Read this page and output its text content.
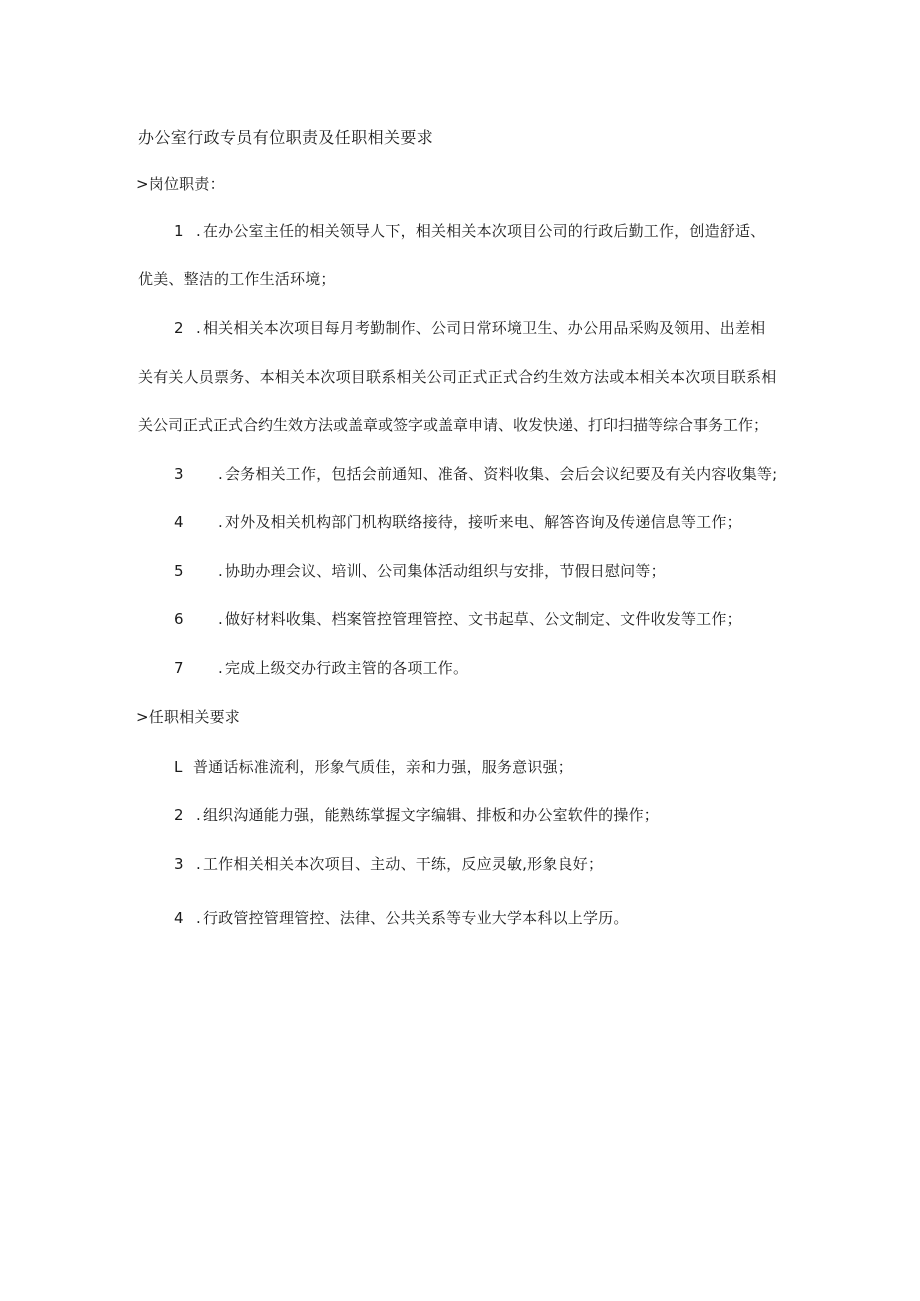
办公室行政专员有位职责及任职相关要求
>岗位职责：
1 . 在办公室主任的相关领导人下，相关相关本次项目公司的行政后勤工作，创造舒适、
优美、整洁的工作生活环境；
2 . 相关相关本次项目每月考勤制作、公司日常环境卫生、办公用品采购及领用、出差相
关有关人员票务、本相关本次项目联系相关公司正式正式合约生效方法或本相关本次项目联系相
关公司正式正式合约生效方法或盖章或签字或盖章申请、收发快递、打印扫描等综合事务工作；
3 . 会务相关工作，包括会前通知、准备、资料收集、会后会议纪要及有关内容收集等;
4 . 对外及相关机构部门机构联络接待，接听来电、解答咨询及传递信息等工作；
5 . 协助办理会议、培训、公司集体活动组织与安排，节假日慰问等；
6 . 做好材料收集、档案管控管理管控、文书起草、公文制定、文件收发等工作；
7 . 完成上级交办行政主管的各项工作。
>任职相关要求
L 普通话标准流利，形象气质佳，亲和力强，服务意识强；
2 . 组织沟通能力强，能熟练掌握文字编辑、排板和办公室软件的操作；
3 . 工作相关相关本次项目、主动、干练，反应灵敏,形象良好；
4 . 行政管控管理管控、法律、公共关系等专业大学本科以上学历。
